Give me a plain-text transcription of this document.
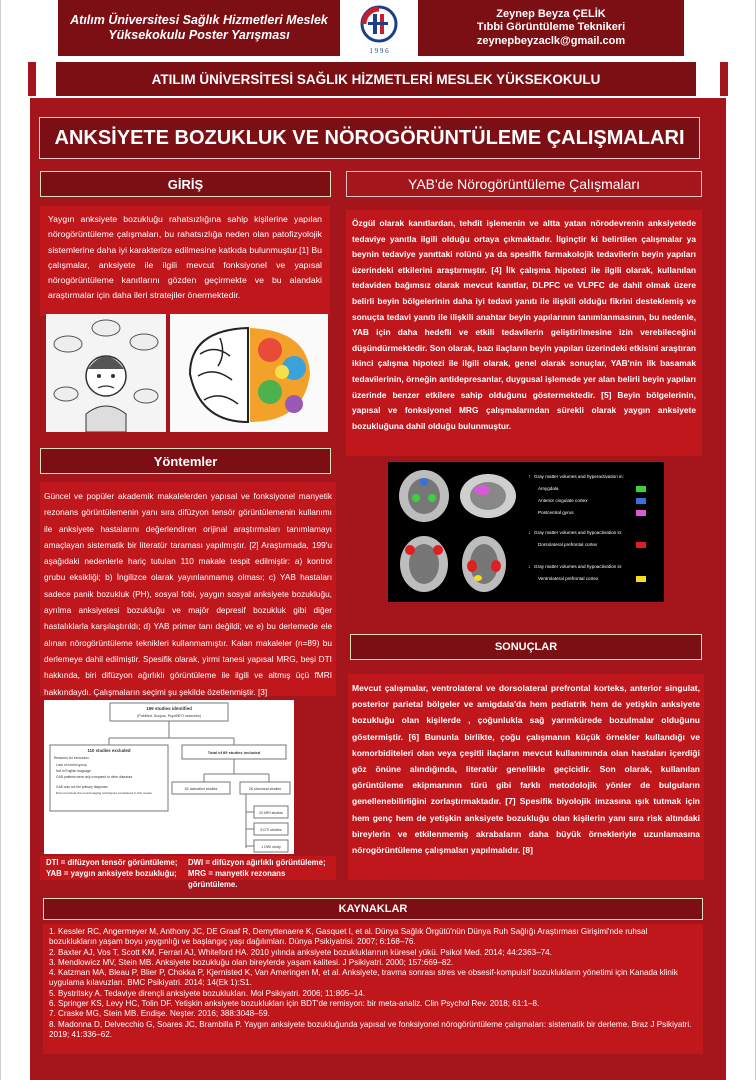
Atılım Üniversitesi Sağlık Hizmetleri Meslek
Yüksekokulu Poster Yarışması
1 9 9 6
Zeynep Beyza ÇELİK
Tıbbi Görüntüleme Teknikeri
zeynepbeyzaclk@gmail.com
ATILIM ÜNİVERSİTESİ SAĞLIK HİZMETLERİ MESLEK YÜKSEKOKULU
ANKSİYETE BOZUKLUK VE NÖROGÖRÜNTÜLEME ÇALIŞMALARI
GİRİŞ
Yaygın anksiyete bozukluğu rahatsızlığına sahip kişilerine yapılan nörogörüntüleme çalışmaları, bu rahatsızlığa neden olan patofizyolojik sistemlerine daha iyi karakterize edilmesine katkıda bulunmuştur.[1] Bu çalışmalar, anksiyete ile ilgili mevcut fonksiyonel ve yapısal nörogörüntüleme kanıtlarını gözden geçirmekte ve bu alandaki araştırmalar için daha ileri stratejiler önermektedir.
Yöntemler
Güncel ve popüler akademik makalelerden yapısal ve fonksiyonel manyetik rezonans görüntülemenin yanı sıra difüzyon tensör görüntülemenin kullanımı ile anksiyete hastalarını değerlendiren orijinal araştırmaları tanımlamayı amaçlayan sistematik bir literatür taraması yapılmıştır. [2] Araştırmada, 199'u aşağıdaki nedenlerle hariç tutulan 110 makale tespit edilmiştir: a) kontrol grubu eksikliği; b) İngilizce olarak yayınlanmamış olması; c) YAB hastaları sadece panik bozukluk (PH), sosyal fobi, yaygın sosyal anksiyete bozukluğu, ayrılma anksiyetesi bozukluğu ve majör depresif bozukluk gibi diğer hastalıklarla karşılaştırıldı; d) YAB primer tanı değildi; ve e) bu derlemede ele alınan nörogörüntüleme teknikleri kullanmamıştır. Kalan makaleler (n=89) bu derlemeye dahil edilmiştir. Spesifik olarak, yirmi tanesi yapısal MRG, beşi DTI hakkında, biri difüzyon ağırlıklı görüntüleme ile ilgili ve altmış üçü fMRI hakkındaydı. Çalışmaların seçimi şu şekilde özetlenmiştir. [3]
199 studies identified
(PubMed, Scopus, PsycINFO searches)
110 studies excluded
Reasons for exclusion:
Lack of control group
Not in English language
GAD patients were only compared to other diseases
GAD was not the primary diagnosis
Did not include the neuroimaging techniques considered in this review
Total of 89 studies included
62 activation studies	26 structural studies
20 MRI studies
5 DTI studies
1 DWI study
DTI = difüzyon tensör görüntüleme;
YAB = yaygın anksiyete bozukluğu;
DWI = difüzyon ağırlıklı görüntüleme;
MRG = manyetik rezonans görüntüleme.
YAB'de Nörogörüntüleme Çalışmaları
Özgül olarak kanıtlardan, tehdit işlemenin ve altta yatan nörodevrenin anksiyetede tedaviye yanıtla ilgili olduğu ortaya çıkmaktadır. İlginçtir ki belirtilen çalışmalar ya beynin tedaviye yanıttaki rolünü ya da spesifik farmakolojik tedavilerin beyin yapıları üzerindeki etkilerini araştırmıştır. [4] İlk çalışma hipotezi ile ilgili olarak, kullanılan tedaviden bağımsız olarak mevcut kanıtlar, DLPFC ve VLPFC de dahil olmak üzere belirli beyin bölgelerinin daha iyi tedavi yanıtı ile ilişkili olduğu fikrini desteklemiş ve sonuçta tedavi yanıtı ile ilişkili anahtar beyin yapılarının tanımlanmasının, bu nedenle, YAB için daha hedefli ve etkili tedavilerin geliştirilmesine izin verebileceğini düşündürmektedir. Son olarak, bazı ilaçların beyin yapıları üzerindeki etkisini araştıran ikinci çalışma hipotezi ile ilgili olarak, genel olarak sonuçlar, YAB'nin ilk basamak tedavilerinin, örneğin antidepresanlar, duygusal işlemede yer alan belirli beyin yapıları üzerinde benzer etkilere sahip olduğunu göstermektedir. [5] Beyin bölgelerinin, yapısal ve fonksiyonel MRG çalışmalarından sürekli olarak yaygın anksiyete bozukluğuna dahil olduğu bulunmuştur.
↑ Gray matter volumes and hyperactivation in:
Amygdala
Anterior cingulate cortex
Postcentral gyrus
↓ Gray matter volumes and hypoactivation in:
Dorsolateral prefrontal cortex
↓ Gray matter volumes and hypoactivation in:
Ventrolateral prefrontal cortex
SONUÇLAR
Mevcut çalışmalar, ventrolateral ve dorsolateral prefrontal korteks, anterior singulat, posterior parietal bölgeler ve amigdala'da hem pediatrik hem de yetişkin anksiyete bozukluğu olan kişilerde , çoğunlukla sağ yarımkürede bozulmalar olduğunu göstermiştir. [6] Bununla birlikte, çoğu çalışmanın küçük örnekler kullandığı ve komorbiditeleri olan veya çeşitli ilaçların mevcut kullanımında olan hastaları içerdiği göz önüne alındığında, literatür genellikle geçicidir. Son olarak, kullanılan görüntüleme ekipmanının türü gibi farklı metodolojik yönler de bulguların genellenebilirliğini zorlaştırmaktadır. [7] Spesifik biyolojik imzasına ışık tutmak için hem genç hem de yetişkin anksiyete bozukluğu olan kişilerin yanı sıra risk altındaki bireylerin ve etkilenmemiş akrabaların daha büyük örnekleriyle uzunlamasına nörogörüntüleme çalışmaları yapılmalıdır. [8]
KAYNAKLAR
1. Kessler RC, Angermeyer M, Anthony JC, DE Graaf R, Demyttenaere K, Gasquet I, et al. Dünya Sağlık Örgütü'nün Dünya Ruh Sağlığı Araştırması Girişimi'nde ruhsal bozuklukların yaşam boyu yaygınlığı ve başlangıç yaşı dağılımları. Dünya Psikiyatrisi. 2007; 6:168–76.
2. Baxter AJ, Vos T, Scott KM, Ferrari AJ, Whiteford HA. 2010 yılında anksiyete bozukluklarının küresel yükü. Psikol Med. 2014; 44:2363–74.
3. Mendlowicz MV, Stein MB. Anksiyete bozukluğu olan bireylerde yaşam kalitesi. J Psikiyatri. 2000; 157:669–82.
4. Katzman MA, Bleau P, Blier P, Chokka P, Kjernisted K, Van Ameringen M, et al. Anksiyete, travma sonrası stres ve obsesif-kompulsif bozuklukların yönetimi için Kanada klinik uygulama kılavuzları. BMC Psikiyatri. 2014; 14(Ek 1):S1.
5. Bystritsky A. Tedaviye dirençli anksiyete bozuklukları. Mol Psikiyatri. 2006; 11:805–14.
6. Springer KS, Levy HC, Tolin DF. Yetişkin anksiyete bozuklukları için BDT'de remisyon: bir meta-analiz. Clin Psychol Rev. 2018; 61:1–8.
7. Craske MG, Stein MB. Endişe. Neşter. 2016; 388:3048–59.
8. Madonna D, Delvecchio G, Soares JC, Brambilla P. Yaygın anksiyete bozukluğunda yapısal ve fonksiyonel nörogörüntüleme çalışmaları: sistematik bir derleme. Braz J Psikiyatri. 2019; 41:336–62.
